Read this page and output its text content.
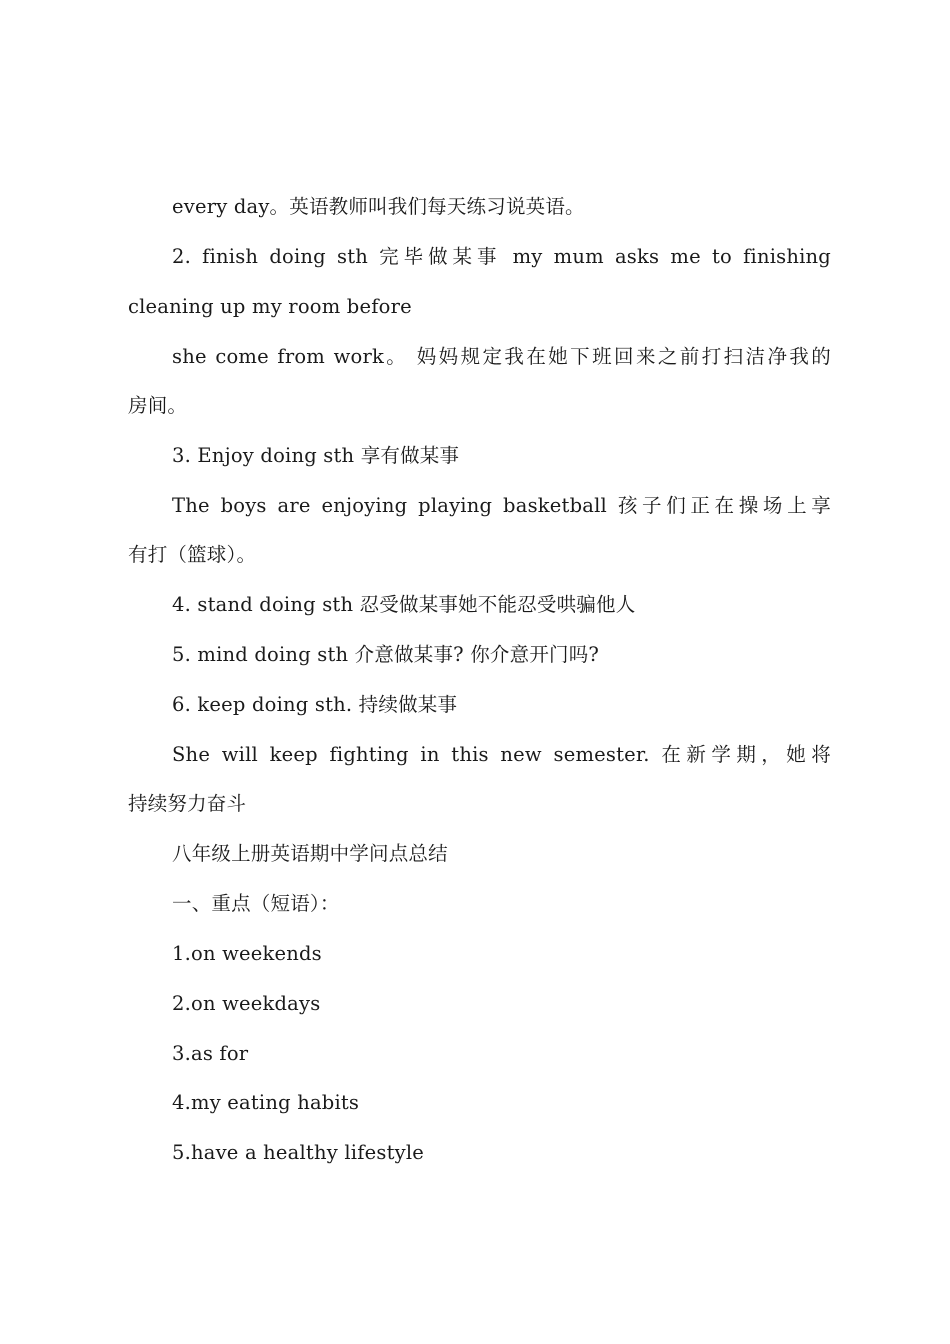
every day。英语教师叫我们每天练习说英语。
2. finish doing sth 完毕做某事 my mum asks me to finishing
cleaning up my room before
she come from work。 妈妈规定我在她下班回来之前打扫洁净我的
房间。
3. Enjoy doing sth 享有做某事
The boys are enjoying playing basketball 孩子们正在操场上享
有打（篮球）。
4. stand doing sth 忍受做某事她不能忍受哄骗他人
5. mind doing sth 介意做某事? 你介意开门吗?
6. keep doing sth. 持续做某事
She will keep fighting in this new semester. 在新学期，她将
持续努力奋斗
八年级上册英语期中学问点总结
一、重点（短语）：
1.on weekends
2.on weekdays
3.as for
4.my eating habits
5.have a healthy lifestyle
